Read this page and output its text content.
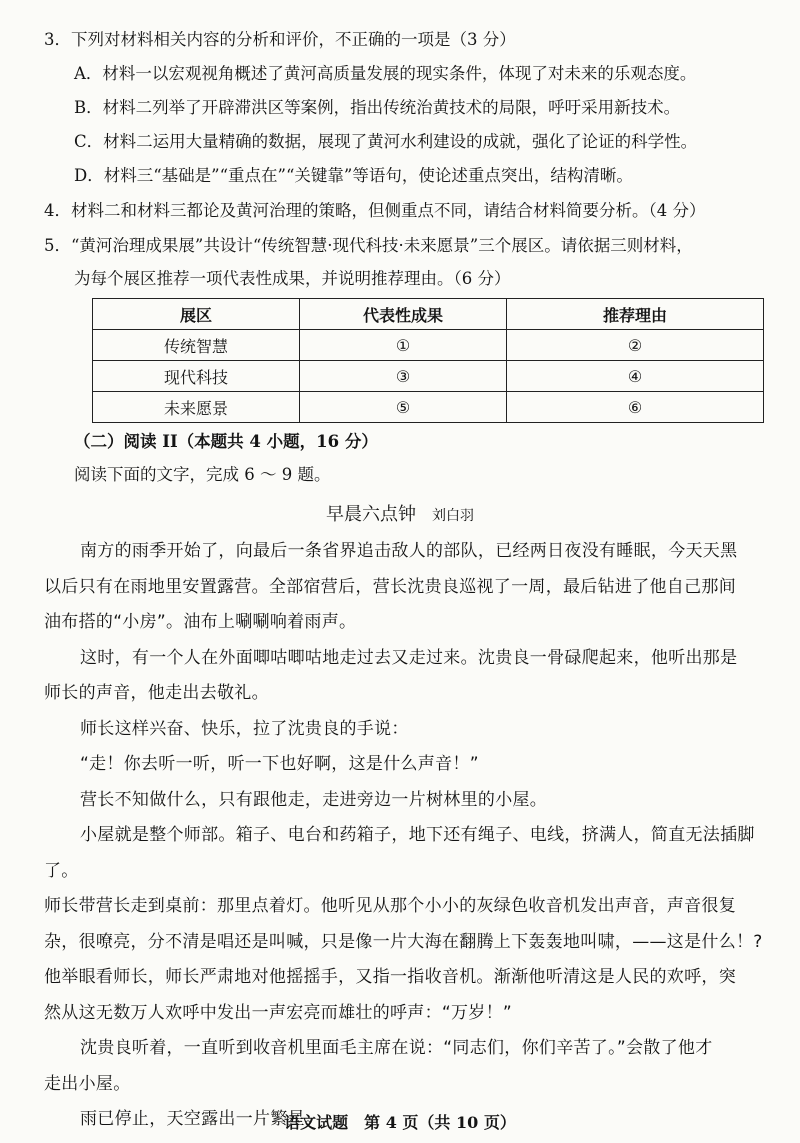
3．下列对材料相关内容的分析和评价，不正确的一项是（3 分）
A．材料一以宏观视角概述了黄河高质量发展的现实条件，体现了对未来的乐观态度。
B．材料二列举了开辟滞洪区等案例，指出传统治黄技术的局限，呼吁采用新技术。
C．材料二运用大量精确的数据，展现了黄河水利建设的成就，强化了论证的科学性。
D．材料三“基础是”“重点在”“关键靠”等语句，使论述重点突出，结构清晰。
4．材料二和材料三都论及黄河治理的策略，但侧重点不同，请结合材料简要分析。（4 分）
5．“黄河治理成果展”共设计“传统智慧·现代科技·未来愿景”三个展区。请依据三则材料，
为每个展区推荐一项代表性成果，并说明推荐理由。（6 分）
展区	代表性成果	推荐理由
传统智慧	①	②
现代科技	③	④
未来愿景	⑤	⑥
（二）阅读 II（本题共 4 小题，16 分）
阅读下面的文字，完成 6 ～ 9 题。
早晨六点钟 刘白羽
南方的雨季开始了，向最后一条省界追击敌人的部队，已经两日夜没有睡眠，今天天黑
以后只有在雨地里安置露营。全部宿营后，营长沈贵良巡视了一周，最后钻进了他自己那间
油布搭的“小房”。油布上唰唰响着雨声。
这时，有一个人在外面唧咕唧咕地走过去又走过来。沈贵良一骨碌爬起来，他听出那是
师长的声音，他走出去敬礼。
师长这样兴奋、快乐，拉了沈贵良的手说：
“走！你去听一听，听一下也好啊，这是什么声音！”
营长不知做什么，只有跟他走，走进旁边一片树林里的小屋。
小屋就是整个师部。箱子、电台和药箱子，地下还有绳子、电线，挤满人，简直无法插脚了。
师长带营长走到桌前：那里点着灯。他听见从那个小小的灰绿色收音机发出声音，声音很复
杂，很嘹亮，分不清是唱还是叫喊，只是像一片大海在翻腾上下轰轰地叫啸，——这是什么！?
他举眼看师长，师长严肃地对他摇摇手，又指一指收音机。渐渐他听清这是人民的欢呼，突
然从这无数万人欢呼中发出一声宏亮而雄壮的呼声：“万岁！”
沈贵良听着，一直听到收音机里面毛主席在说：“同志们，你们辛苦了。”会散了他才
走出小屋。
雨已停止，天空露出一片繁星。
语文试题　第 4 页（共 10 页）
